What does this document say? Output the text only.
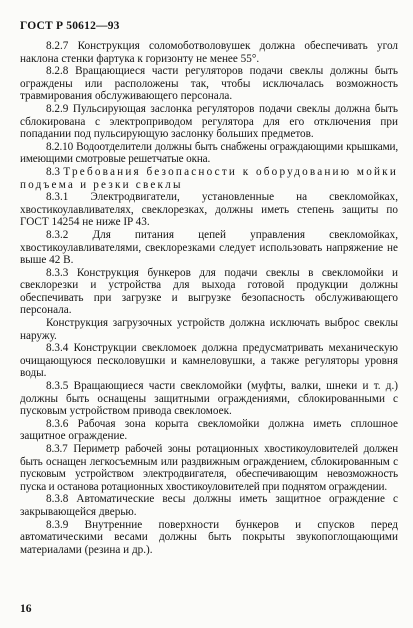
ГОСТ Р 50612—93

8.2.7 Конструкция соломоботволовушек должна обеспечивать угол наклона стенки фартука к горизонту не менее 55°.

8.2.8 Вращающиеся части регуляторов подачи свеклы должны быть ограждены или расположены так, чтобы исключалась возможность травмирования обслуживающего персонала.

8.2.9 Пульсирующая заслонка регуляторов подачи свеклы должна быть сблокирована с электроприводом регулятора для его отключения при попадании под пульсирующую заслонку больших предметов.

8.2.10 Водоотделители должны быть снабжены ограждающими крышками, имеющими смотровые решетчатые окна.

8.3 Требования безопасности к оборудованию мойки подъема и резки свеклы

8.3.1 Электродвигатели, установленные на свекломойках, хвостикоулавливателях, свеклорезках, должны иметь степень защиты по ГОСТ 14254 не ниже IP 43.

8.3.2 Для питания цепей управления свекломойках, хвостикоулавливателями, свеклорезками следует использовать напряжение не выше 42 В.

8.3.3 Конструкция бункеров для подачи свеклы в свекломойки и свеклорезки и устройства для выхода готовой продукции должны обеспечивать при загрузке и выгрузке безопасность обслуживающего персонала.

Конструкция загрузочных устройств должна исключать выброс свеклы наружу.

8.3.4 Конструкции свекломоек должна предусматривать механическую очищающуюся песколовушки и камнеловушки, а также регуляторы уровня воды.

8.3.5 Вращающиеся части свекломойки (муфты, валки, шнеки и т. д.) должны быть оснащены защитными ограждениями, сблокированными с пусковым устройством привода свекломоек.

8.3.6 Рабочая зона корыта свекломойки должна иметь сплошное защитное ограждение.

8.3.7 Периметр рабочей зоны ротационных хвостикоуловителей должен быть оснащен легкосъемным или раздвижным ограждением, сблокированным с пусковым устройством электродвигателя, обеспечивающим невозможность пуска и останова ротационных хвостикоуловителей при поднятом ограждении.

8.3.8 Автоматические весы должны иметь защитное ограждение с закрывающейся дверью.

8.3.9 Внутренние поверхности бункеров и спусков перед автоматическими весами должны быть покрыты звукопоглощающими материалами (резина и др.).

16
